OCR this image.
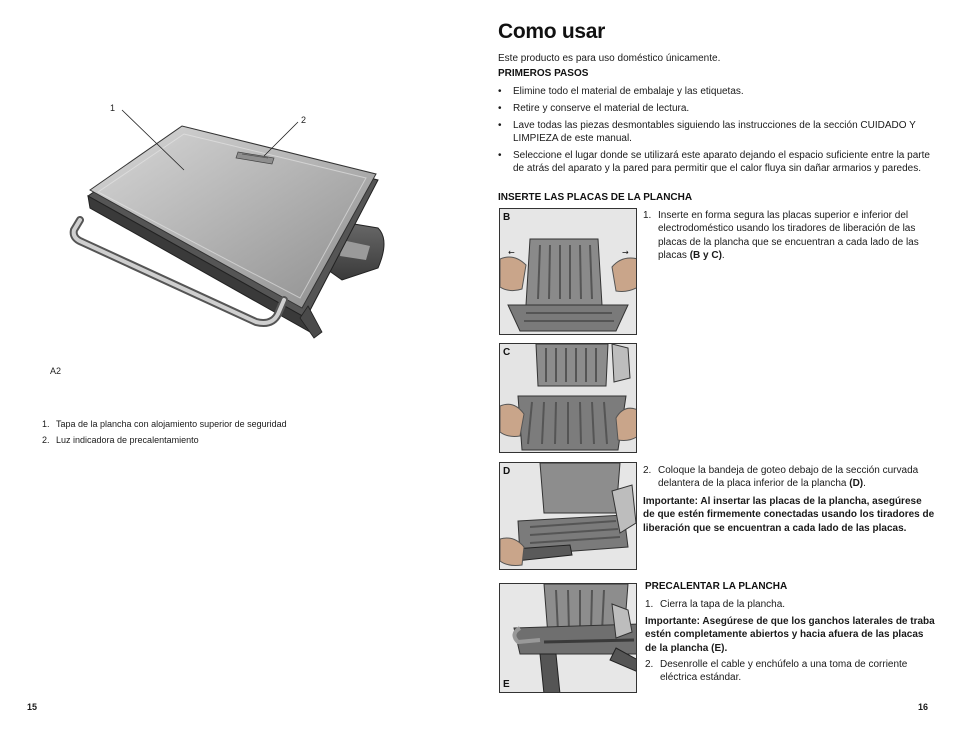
1
2
A2
1. Tapa de la plancha con alojamiento superior de seguridad
2. Luz indicadora de precalentamiento
15
Como usar
Este producto es para uso doméstico únicamente.
PRIMEROS PASOS
• Elimine todo el material de embalaje y las etiquetas.
• Retire y conserve el material de lectura.
• Lave todas las piezas desmontables siguiendo las instrucciones de la sección CUIDADO Y LIMPIEZA de este manual.
• Seleccione el lugar donde se utilizará este aparato dejando el espacio suficiente entre la parte de atrás del aparato y la pared para permitir que el calor fluya sin dañar armarios y paredes.
INSERTE LAS PLACAS DE LA PLANCHA
←	→
B	1. Inserte en forma segura las placas superior e inferior del electrodoméstico usando los tiradores de liberación de las placas de la plancha que se encuentran a cada lado de las placas (B y C).
C
D	2. Coloque la bandeja de goteo debajo de la sección curvada delantera de la placa inferior de la plancha (D).
Importante: Al insertar las placas de la plancha, asegúrese de que estén firmemente conectadas usando los tiradores de liberación que se encuentran a cada lado de las placas.
E
PRECALENTAR LA PLANCHA
1. Cierra la tapa de la plancha.
Importante: Asegúrese de que los ganchos laterales de traba estén completamente abiertos y hacia afuera de las placas de la plancha (E).
2. Desenrolle el cable y enchúfelo a una toma de corriente eléctrica estándar.
16
